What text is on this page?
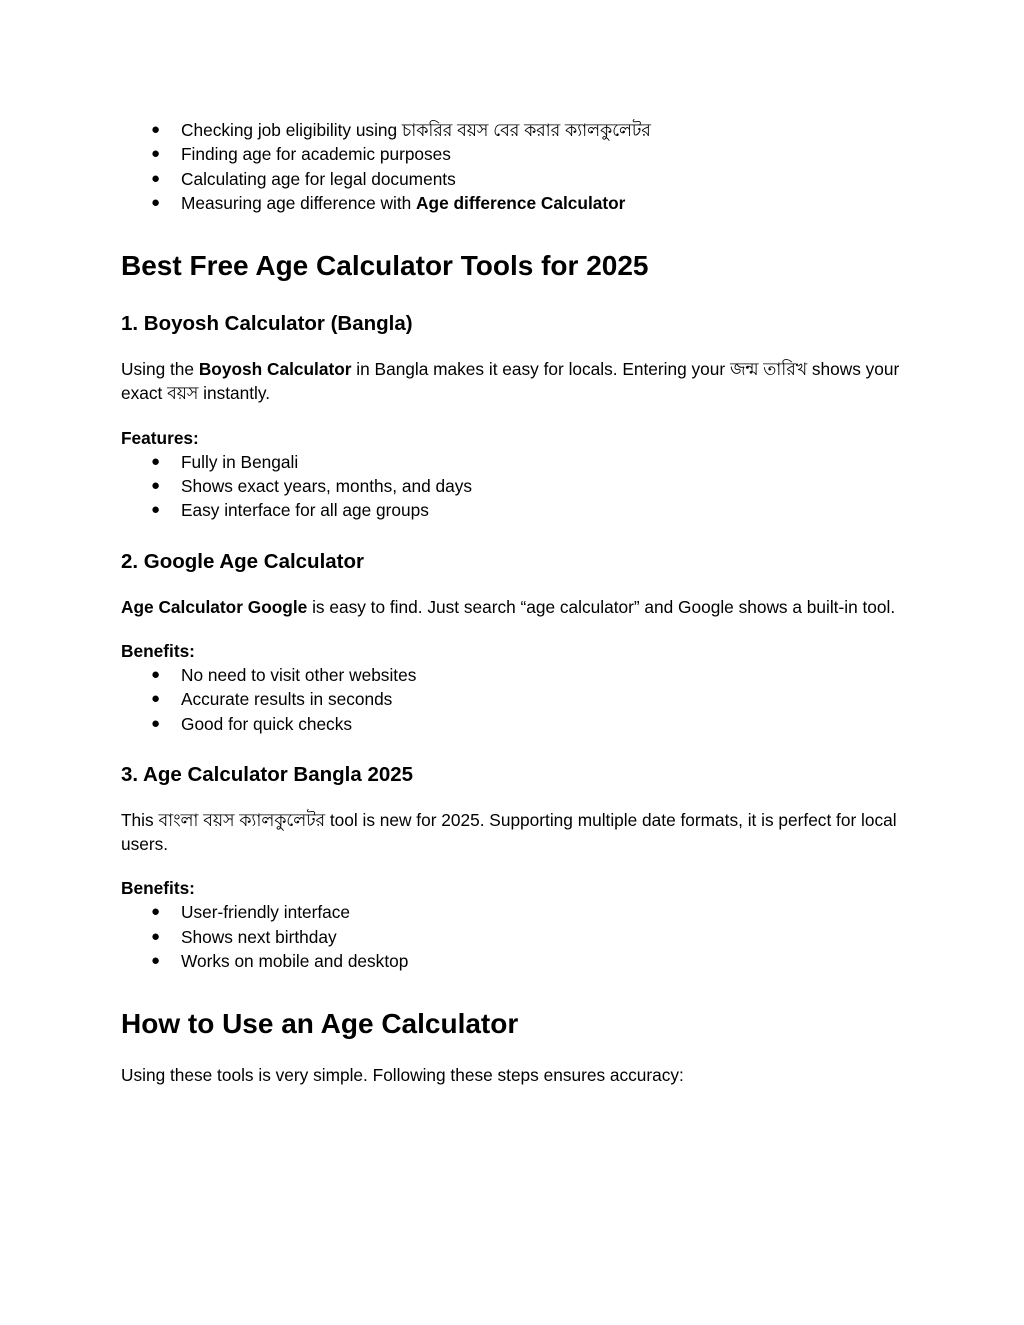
● Checking job eligibility using চাকরির বয়স বের করার ক্যালকুলেটর
● Finding age for academic purposes
● Calculating age for legal documents
● Measuring age difference with Age difference Calculator
Best Free Age Calculator Tools for 2025
1. Boyosh Calculator (Bangla)

Using the Boyosh Calculator in Bangla makes it easy for locals. Entering your জন্ম তারিখ shows your exact বয়স instantly.

Features:

● Fully in Bengali
● Shows exact years, months, and days
● Easy interface for all age groups
2. Google Age Calculator

Age Calculator Google is easy to find. Just search “age calculator” and Google shows a built-in tool.

Benefits:

● No need to visit other websites
● Accurate results in seconds
● Good for quick checks
3. Age Calculator Bangla 2025

This বাংলা বয়স ক্যালকুলেটর tool is new for 2025. Supporting multiple date formats, it is perfect for local users.

Benefits:

● User-friendly interface
● Shows next birthday
● Works on mobile and desktop
How to Use an Age Calculator

Using these tools is very simple. Following these steps ensures accuracy:
